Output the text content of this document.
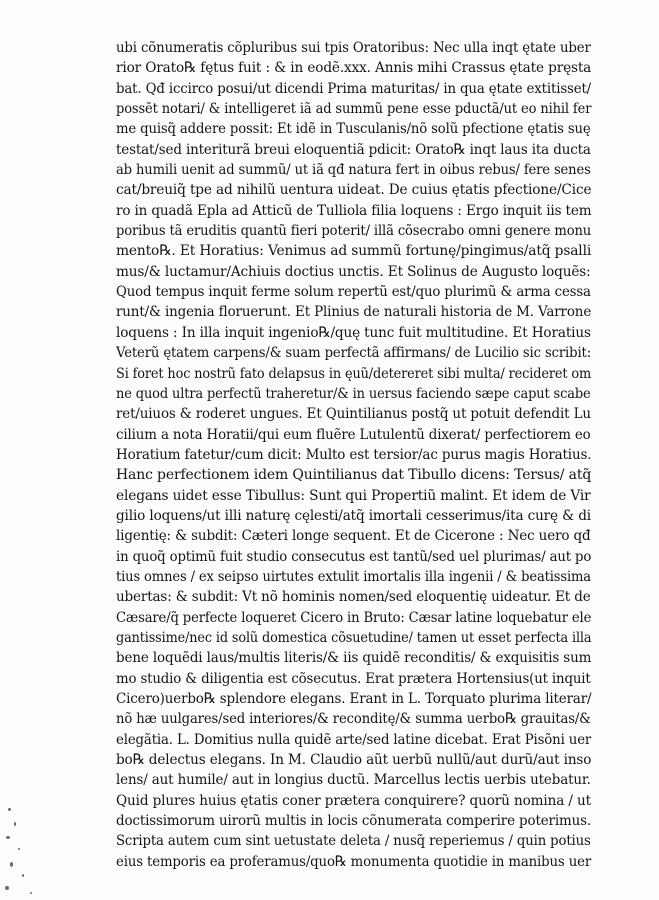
ubi cõnumeratis cõpluribus sui tpis Oratoribus: Nec ulla inqt ętate uber
rior Orato℞ fętus fuit : & in eodẽ.xxx. Annis mihi Crassus ętate pręsta
bat. Qđ iccirco posui/ut dicendi Prima maturitas/ in qua ętate extitisset/
possēt notari/ & intelligeret iã ad summũ pene esse pductã/ut eo nihil fer
me quisq̃ addere possit: Et idẽ in Tusculanis/nõ solũ pfectione ętatis suę
testat/sed interiturã breui eloquentiã pdicit: Orato℞ inqt laus ita ducta
ab humili uenit ad summũ/ ut iã qđ natura fert in oibus rebus/ fere senes
cat/breuiq̃ tpe ad nihilũ uentura uideat. De cuius ętatis pfectione/Cice
ro in quadã Epla ad Atticũ de Tulliola filia loquens : Ergo inquit iis tem
poribus tã eruditis quantũ fieri poterit/ illã cõsecrabo omni genere monu
mento℞. Et Horatius: Venimus ad summũ fortunę/pingimus/atq̃ psalli
mus/& luctamur/Achiuis doctius unctis. Et Solinus de Augusto loquẽs:
Quod tempus inquit ferme solum repertũ est/quo plurimũ & arma cessa
runt/& ingenia floruerunt. Et Plinius de naturali historia de M. Varrone
loquens : In illa inquit ingenio℞/quę tunc fuit multitudine. Et Horatius
Veterũ ętatem carpens/& suam perfectã affirmans/ de Lucilio sic scribit:
Si foret hoc nostrũ fato delapsus in ęuũ/detereret sibi multa/ recideret om
ne quod ultra perfectũ traheretur/& in uersus faciendo sæpe caput scabe
ret/uiuos & roderet ungues. Et Quintilianus postq̃ ut potuit defendit Lu
cilium a nota Horatii/qui eum fluẽre Lutulentũ dixerat/ perfectiorem eo
Horatium fatetur/cum dicit: Multo est tersior/ac purus magis Horatius.
Hanc perfectionem idem Quintilianus dat Tibullo dicens: Tersus/ atq̃
elegans uidet esse Tibullus: Sunt qui Propertiũ malint. Et idem de Vir
gilio loquens/ut illi naturę cęlesti/atq̃ imortali cesserimus/ita curę & di
ligentię: & subdit: Cæteri longe sequent. Et de Cicerone : Nec uero qđ
in quoq̃ optimũ fuit studio consecutus est tantũ/sed uel plurimas/ aut po
tius omnes / ex seipso uirtutes extulit imortalis illa ingenii / & beatissima
ubertas: & subdit: Vt nõ hominis nomen/sed eloquentię uideatur. Et de
Cæsare/q̃ perfecte loqueret Cicero in Bruto: Cæsar latine loquebatur ele
gantissime/nec id solũ domestica cõsuetudine/ tamen ut esset perfecta illa
bene loquẽdi laus/multis literis/& iis quidẽ reconditis/ & exquisitis sum
mo studio & diligentia est cõsecutus. Erat prætera Hortensius(ut inquit
Cicero)uerbo℞ splendore elegans. Erant in L. Torquato plurima literar/
nõ hæ uulgares/sed interiores/& reconditę/& summa uerbo℞ grauitas/&
elegãtia. L. Domitius nulla quidẽ arte/sed latine dicebat. Erat Pisõni uer
bo℞ delectus elegans. In M. Claudio aũt uerbũ nullũ/aut durũ/aut inso
lens/ aut humile/ aut in longius ductũ. Marcellus lectis uerbis utebatur.
Quid plures huius ętatis coner prætera conquirere? quorũ nomina / ut
doctissimorum uirorũ multis in locis cõnumerata comperire poterimus.
Scripta autem cum sint uetustate deleta / nusq̃ reperiemus / quin potius
eius temporis ea proferamus/quo℞ monumenta quotidie in manibus uer
